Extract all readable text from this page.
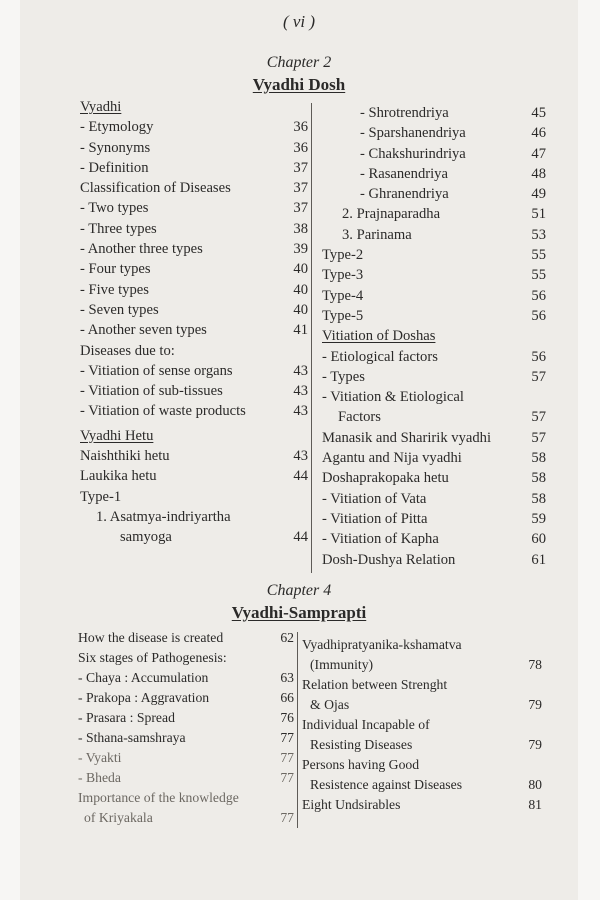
( vi )
Chapter 2
Vyadhi Dosh
Vyadhi
- Etymology	36
- Synonyms	36
- Definition	37
Classification of Diseases	37
- Two types	37
- Three types	38
- Another three types	39
- Four types	40
- Five types	40
- Seven types	40
- Another seven types	41
Diseases due to:
- Vitiation of sense organs	43
- Vitiation of sub-tissues	43
- Vitiation of waste products	43
Vyadhi Hetu
Naishthiki hetu	43
Laukika hetu	44
Type-1
1. Asatmya-indriyartha
samyoga	44
- Shrotrendriya	45
- Sparshanendriya	46
- Chakshurindriya	47
- Rasanendriya	48
- Ghranendriya	49
2. Prajnaparadha	51
3. Parinama	53
Type-2	55
Type-3	55
Type-4	56
Type-5	56
Vitiation of Doshas
- Etiological factors	56
- Types	57
- Vitiation & Etiological
Factors	57
Manasik and Sharirik vyadhi	57
Agantu and Nija vyadhi	58
Doshaprakopaka hetu	58
- Vitiation of Vata	58
- Vitiation of Pitta	59
- Vitiation of Kapha	60
Dosh-Dushya Relation	61
Chapter 4
Vyadhi-Samprapti
How the disease is created	62
Six stages of Pathogenesis:
- Chaya : Accumulation	63
- Prakopa : Aggravation	66
- Prasara : Spread	76
- Sthana-samshraya	77
- Vyakti	77
- Bheda	77
Importance of the knowledge
of Kriyakala	77
Vyadhipratyanika-kshamatva
(Immunity)	78
Relation between Strenght
& Ojas	79
Individual Incapable of
Resisting Diseases	79
Persons having Good
Resistence against Diseases	80
Eight Undsirables	81
